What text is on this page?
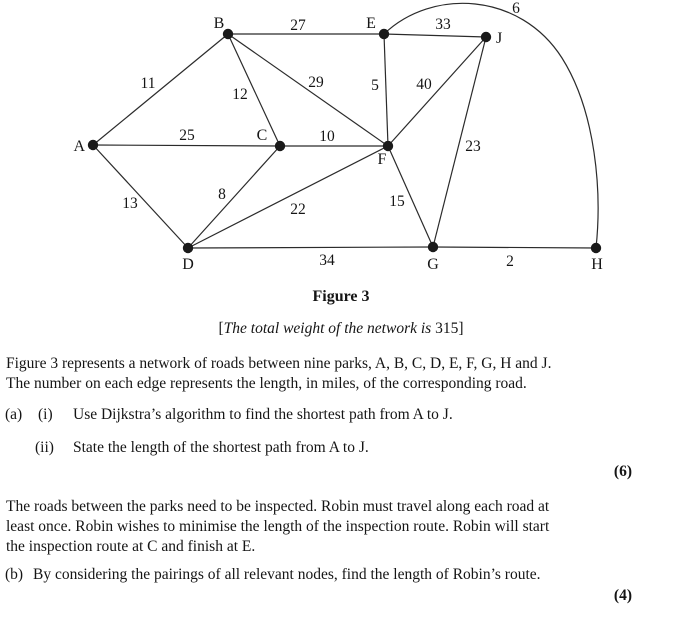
11
25
13
12
27
29
8
10
22
34
5
33
6
40
15
23
2
A
B
C
D
E
F
G	H
J
Figure 3
[The total weight of the network is 315]
Figure 3 represents a network of roads between nine parks, A, B, C, D, E, F, G, H and J.
The number on each edge represents the length, in miles, of the corresponding road.
(a) (i) Use Dijkstra’s algorithm to find the shortest path from A to J.
(ii) State the length of the shortest path from A to J.
(6)
The roads between the parks need to be inspected. Robin must travel along each road at
least once. Robin wishes to minimise the length of the inspection route. Robin will start
the inspection route at C and finish at E.
(b) By considering the pairings of all relevant nodes, find the length of Robin’s route.
(4)
